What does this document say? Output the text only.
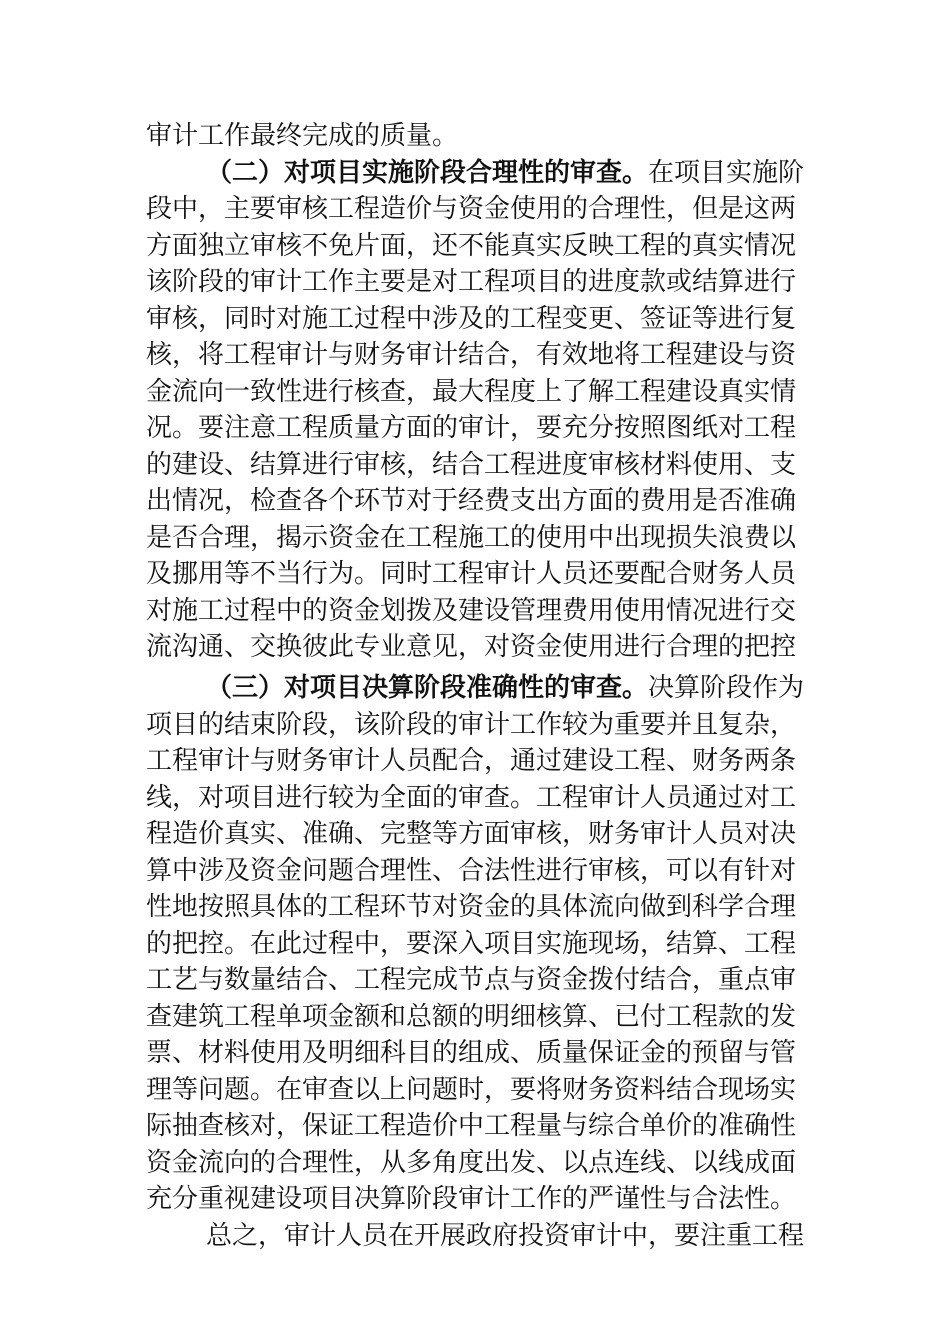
审计工作最终完成的质量。
（二）对项目实施阶段合理性的审查。在项目实施阶
段中，主要审核工程造价与资金使用的合理性，但是这两
方面独立审核不免片面，还不能真实反映工程的真实情况
该阶段的审计工作主要是对工程项目的进度款或结算进行
审核，同时对施工过程中涉及的工程变更、签证等进行复
核，将工程审计与财务审计结合，有效地将工程建设与资
金流向一致性进行核查，最大程度上了解工程建设真实情
况。要注意工程质量方面的审计，要充分按照图纸对工程
的建设、结算进行审核，结合工程进度审核材料使用、支
出情况，检查各个环节对于经费支出方面的费用是否准确
是否合理，揭示资金在工程施工的使用中出现损失浪费以
及挪用等不当行为。同时工程审计人员还要配合财务人员
对施工过程中的资金划拨及建设管理费用使用情况进行交
流沟通、交换彼此专业意见，对资金使用进行合理的把控
（三）对项目决算阶段准确性的审查。决算阶段作为
项目的结束阶段，该阶段的审计工作较为重要并且复杂，
工程审计与财务审计人员配合，通过建设工程、财务两条
线，对项目进行较为全面的审查。工程审计人员通过对工
程造价真实、准确、完整等方面审核，财务审计人员对决
算中涉及资金问题合理性、合法性进行审核，可以有针对
性地按照具体的工程环节对资金的具体流向做到科学合理
的把控。在此过程中，要深入项目实施现场，结算、工程
工艺与数量结合、工程完成节点与资金拨付结合，重点审
查建筑工程单项金额和总额的明细核算、已付工程款的发
票、材料使用及明细科目的组成、质量保证金的预留与管
理等问题。在审查以上问题时，要将财务资料结合现场实
际抽查核对，保证工程造价中工程量与综合单价的准确性
资金流向的合理性，从多角度出发、以点连线、以线成面
充分重视建设项目决算阶段审计工作的严谨性与合法性。
总之，审计人员在开展政府投资审计中，要注重工程
